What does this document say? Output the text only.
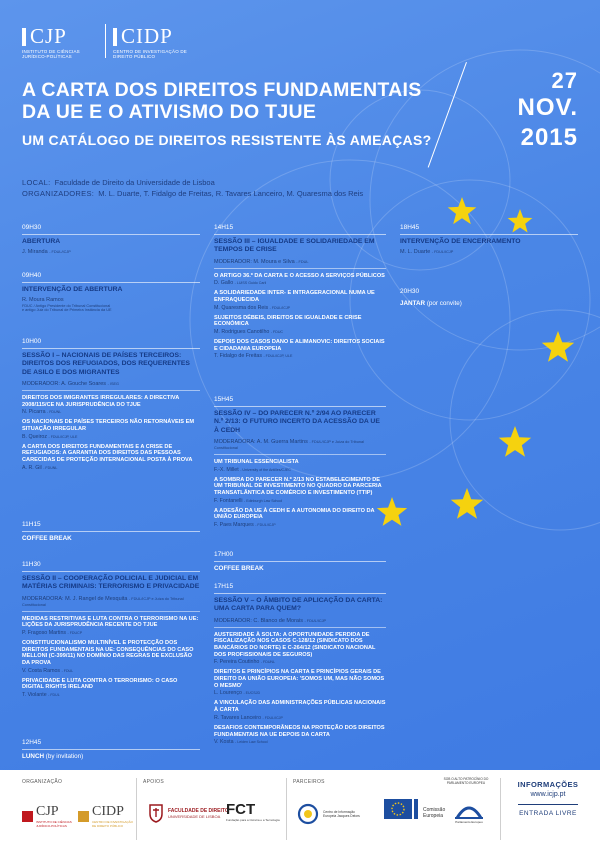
CJP
INSTITUTO DE CIÊNCIAS JURÍDICO-POLÍTICAS
CIDP
CENTRO DE INVESTIGAÇÃO DE DIREITO PÚBLICO
A CARTA DOS DIREITOS FUNDAMENTAIS
DA UE E O ATIVISMO DO TJUE
UM CATÁLOGO DE DIREITOS RESISTENTE ÀS AMEAÇAS?
27
NOV.
2015
LOCAL: Faculdade de Direito da Universidade de Lisboa
ORGANIZADORES: M. L. Duarte, T. Fidalgo de Freitas, R. Tavares Lanceiro, M. Quaresma dos Reis
09H30
ABERTURA
J. Miranda - FDUL/ICJP
09H40
INTERVENÇÃO DE ABERTURA
R. Moura Ramos
FDUC / Antigo Presidente do Tribunal Constitucional
e antigo Juiz do Tribunal de Primeira Instância da UE
10H00
SESSÃO I – NACIONAIS DE PAÍSES TERCEIROS: DIREITOS DOS REFUGIADOS, DOS REQUERENTES DE ASILO E DOS MIGRANTES
MODERADOR: A. Gouche Soares - ISEG
DIREITOS DOS IMIGRANTES IRREGULARES: A DIRECTIVA 2008/115/CE NA JURISPRUDÊNCIA DO TJUE
N. Picarra - FDUNL
OS NACIONAIS DE PAÍSES TERCEIROS NÃO RETORNÁVEIS EM SITUAÇÃO IRREGULAR
B. Queiroz - FDUL/ICJP, ULE
A CARTA DOS DIREITOS FUNDAMENTAIS E A CRISE DE REFUGIADOS: A GARANTIA DOS DIREITOS DAS PESSOAS CARECIDAS DE PROTEÇÃO INTERNACIONAL POSTA À PROVA
A. R. Gil - FDUNL
11H15
COFFEE BREAK
11H30
SESSÃO II – COOPERAÇÃO POLICIAL E JUDICIAL EM MATÉRIAS CRIMINAIS: TERRORISMO E PRIVACIDADE
MODERADORA: M. J. Rangel de Mesquita - FDUL/ICJP e Juíza do Tribunal Constitucional
MEDIDAS RESTRITIVAS E LUTA CONTRA O TERRORISMO NA UE: LIÇÕES DA JURISPRUDÊNCIA RECENTE DO TJUE
P. Fragoso Martins - FDUCP
CONSTITUCIONALISMO MULTINÍVEL E PROTECÇÃO DOS DIREITOS FUNDAMENTAIS NA UE: CONSEQUÊNCIAS DO CASO MELLONI (C-399/11) NO DOMÍNIO DAS REGRAS DE EXCLUSÃO DA PROVA
V. Costa Ramos - FDUL
PRIVACIDADE E LUTA CONTRA O TERRORISMO: O CASO DIGITAL RIGHTS IRELAND
T. Violante - FDUL
12H45
LUNCH (by invitation)
14H15
SESSÃO III – IGUALDADE E SOLIDARIEDADE EM TEMPOS DE CRISE
MODERADOR: M. Moura e Silva - FDUL
O ARTIGO 36.º DA CARTA E O ACESSO A SERVIÇOS PÚBLICOS
D. Gallo - LUISS Guido Carli
A SOLIDARIEDADE INTER- E INTRAGERACIONAL NUMA UE ENFRAQUECIDA
M. Quaresma dos Reis - FDUL/ICJP
SUJEITOS DÉBEIS, DIREITOS DE IGUALDADE E CRISE ECONÓMICA
M. Rodrigues Canotilho - FDUC
DEPOIS DOS CASOS DANO E ALIMANOVIC: DIREITOS SOCIAIS E CIDADANIA EUROPEIA
T. Fidalgo de Freitas - FDUL/ICJP, ULE
15H45
SESSÃO IV – DO PARECER N.º 2/94 AO PARECER N.º 2/13: O FUTURO INCERTO DA ACESSÃO DA UE À CEDH
MODERADORA: A. M. Guerra Martins - FDUL/ICJP e Juíza do Tribunal Constitucional
UM TRIBUNAL ESSENCIALISTA
F.-X. Millet - University of the Antilles/CJEC
A SOMBRA DO PARECER N.º 2/13 NO ESTABELECIMENTO DE UM TRIBUNAL DE INVESTIMENTO NO QUADRO DA PARCERIA TRANSATLÂNTICA DE COMÉRCIO E INVESTIMENTO (TTIP)
F. Fontanelli - Edinburgh Law School
A ADESÃO DA UE À CEDH E A AUTONOMIA DO DIREITO DA UNIÃO EUROPEIA
F. Paes Marques - FDUL/ICJP
17H00
COFFEE BREAK
17H15
SESSÃO V – O ÂMBITO DE APLICAÇÃO DA CARTA: UMA CARTA PARA QUEM?
MODERADOR: C. Blanco de Morais - FDUL/ICJP
AUSTERIDADE À SOLTA: A OPORTUNIDADE PERDIDA DE FISCALIZAÇÃO NOS CASOS C-128/12 (SINDICATO DOS BANCÁRIOS DO NORTE) E C-264/12 (SINDICATO NACIONAL DOS PROFISSIONAIS DE SEGUROS)
F. Pereira Coutinho - FDUNL
DIREITOS E PRINCÍPIOS NA CARTA E PRINCÍPIOS GERAIS DE DIREITO DA UNIÃO EUROPEIA: 'SOMOS UM, MAS NÃO SOMOS O MESMO'
L. Lourenço - EUCSJD
A VINCULAÇÃO DAS ADMINISTRAÇÕES PÚBLICAS NACIONAIS À CARTA
R. Tavares Lanceiro - FDUL/ICJP
DESAFIOS CONTEMPORÂNEOS NA PROTEÇÃO DOS DIREITOS FUNDAMENTAIS NA UE DEPOIS DA CARTA
V. Kosta - Leiden Law School
18H45
INTERVENÇÃO DE ENCERRAMENTO
M. L. Duarte - FDUL/ICJP
20H30
JANTAR (por convite)
ORGANIZAÇÃO	APOIOS	PARCEIROS
CJP
INSTITUTO DE CIÊNCIAS JURÍDICO-POLÍTICAS
CIDP
CENTRO DE INVESTIGAÇÃO DE DIREITO PÚBLICO
FACULDADE DE DIREITO
UNIVERSIDADE DE LISBOA FCT
Fundação para a Ciência e a Tecnologia
Centro de Informação Europeia Jacques Delors
Comissão Europeia
Parlamento Europeu
SOB O ALTO PATROCÍNIO DO PARLAMENTO EUROPEU	INFORMAÇÕES
www.icjp.pt
ENTRADA LIVRE
